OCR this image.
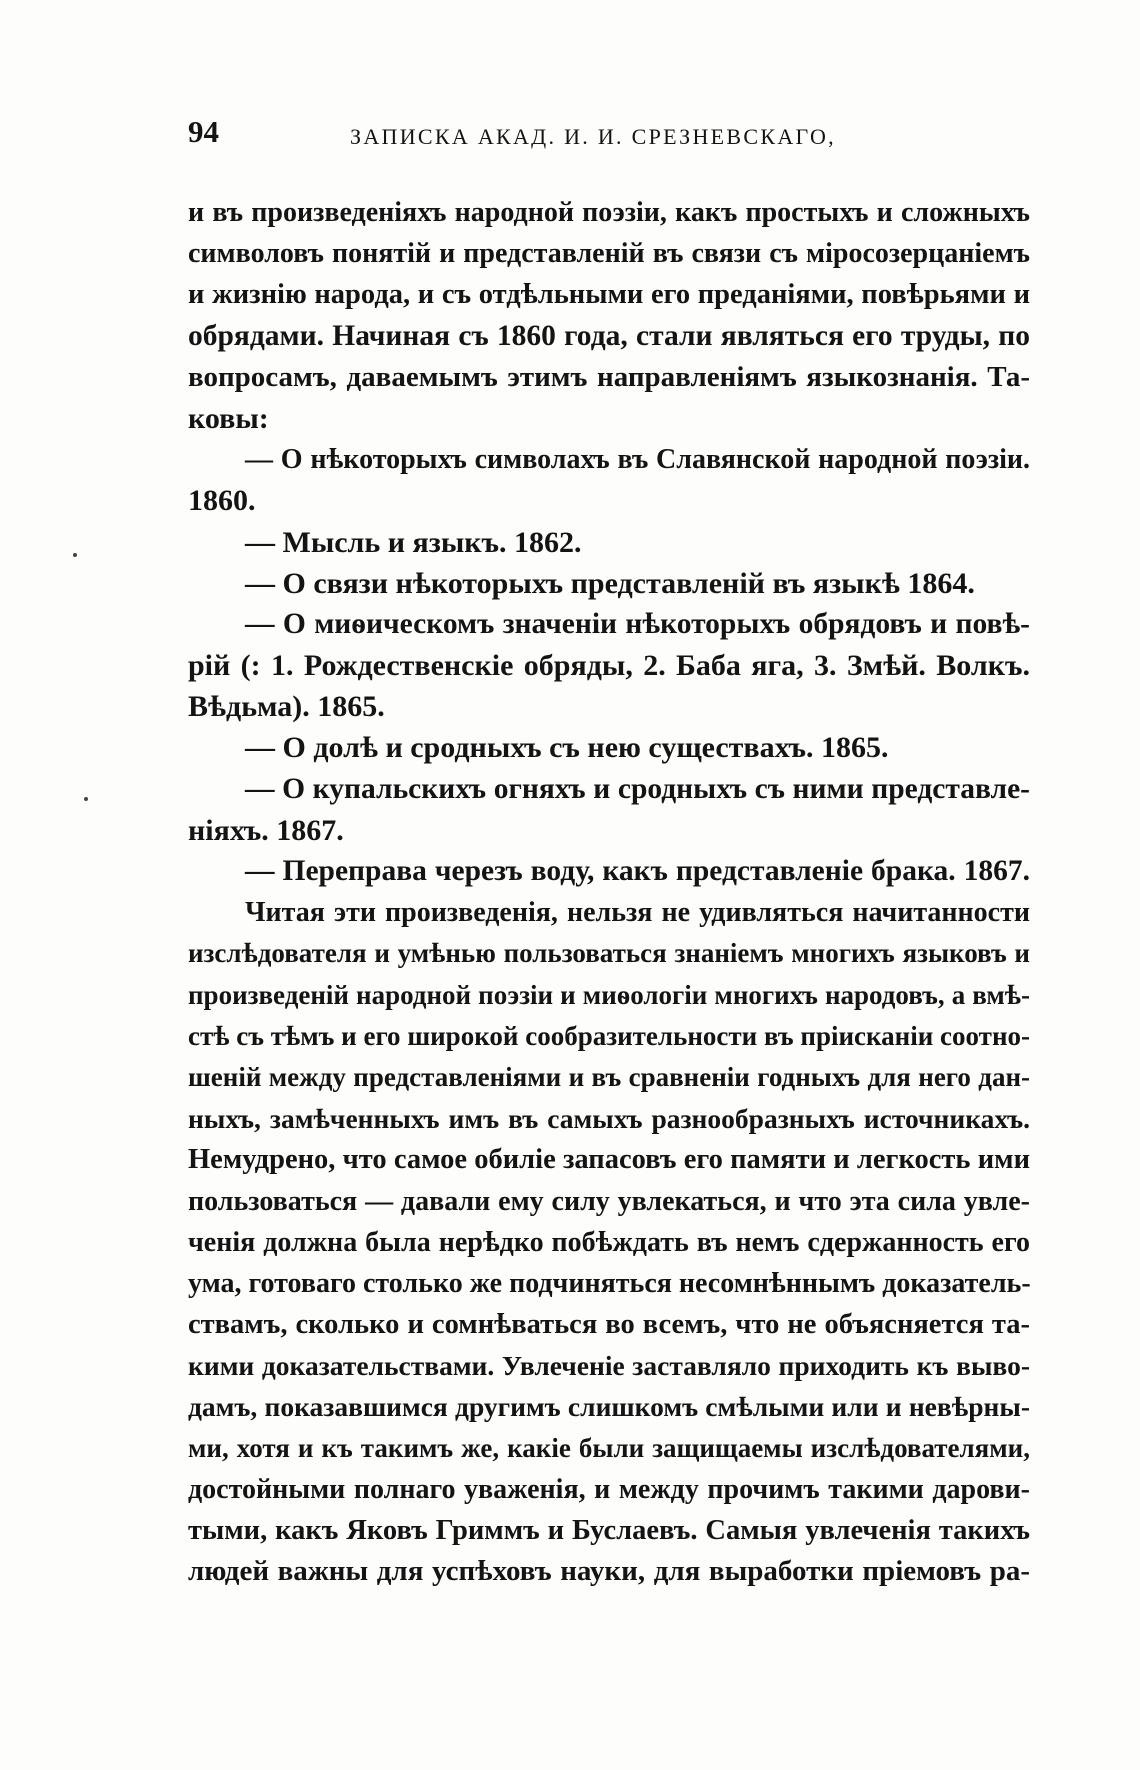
94	ЗАПИСКА АКАД. И. И. СРЕЗНЕВСКАГО,
и въ произведеніяхъ народной поэзіи, какъ простыхъ и сложныхъ
символовъ понятій и представленій въ связи съ міросозерцаніемъ
и жизнію народа, и съ отдѣльными его преданіями, повѣрьями и
обрядами. Начиная съ 1860 года, стали являться его труды, по
вопросамъ, даваемымъ этимъ направленіямъ языкознанія. Та-
ковы:
— О нѣкоторыхъ символахъ въ Славянской народной поэзіи.
1860.
— Мысль и языкъ. 1862.
— О связи нѣкоторыхъ представленій въ языкѣ 1864.
— О миѳическомъ значеніи нѣкоторыхъ обрядовъ и повѣ-
рій (: 1. Рождественскіе обряды, 2. Баба яга, 3. Змѣй. Волкъ.
Вѣдьма). 1865.
— О долѣ и сродныхъ съ нею существахъ. 1865.
— О купальскихъ огняхъ и сродныхъ съ ними представле-
ніяхъ. 1867.
— Переправа черезъ воду, какъ представленіе брака. 1867.
Читая эти произведенія, нельзя не удивляться начитанности
изслѣдователя и умѣнью пользоваться знаніемъ многихъ языковъ и
произведеній народной поэзіи и миѳологіи многихъ народовъ, а вмѣ-
стѣ съ тѣмъ и его широкой сообразительности въ пріисканіи соотно-
шеній между представленіями и въ сравненіи годныхъ для него дан-
ныхъ, замѣченныхъ имъ въ самыхъ разнообразныхъ источникахъ.
Немудрено, что самое обиліе запасовъ его памяти и легкость ими
пользоваться — давали ему силу увлекаться, и что эта сила увле-
ченія должна была нерѣдко побѣждать въ немъ сдержанность его
ума, готоваго столько же подчиняться несомнѣннымъ доказатель-
ствамъ, сколько и сомнѣваться во всемъ, что не объясняется та-
кими доказательствами. Увлеченіе заставляло приходить къ выво-
дамъ, показавшимся другимъ слишкомъ смѣлыми или и невѣрны-
ми, хотя и къ такимъ же, какіе были защищаемы изслѣдователями,
достойными полнаго уваженія, и между прочимъ такими дарови-
тыми, какъ Яковъ Гриммъ и Буслаевъ. Самыя увлеченія такихъ
людей важны для успѣховъ науки, для выработки пріемовъ ра-
